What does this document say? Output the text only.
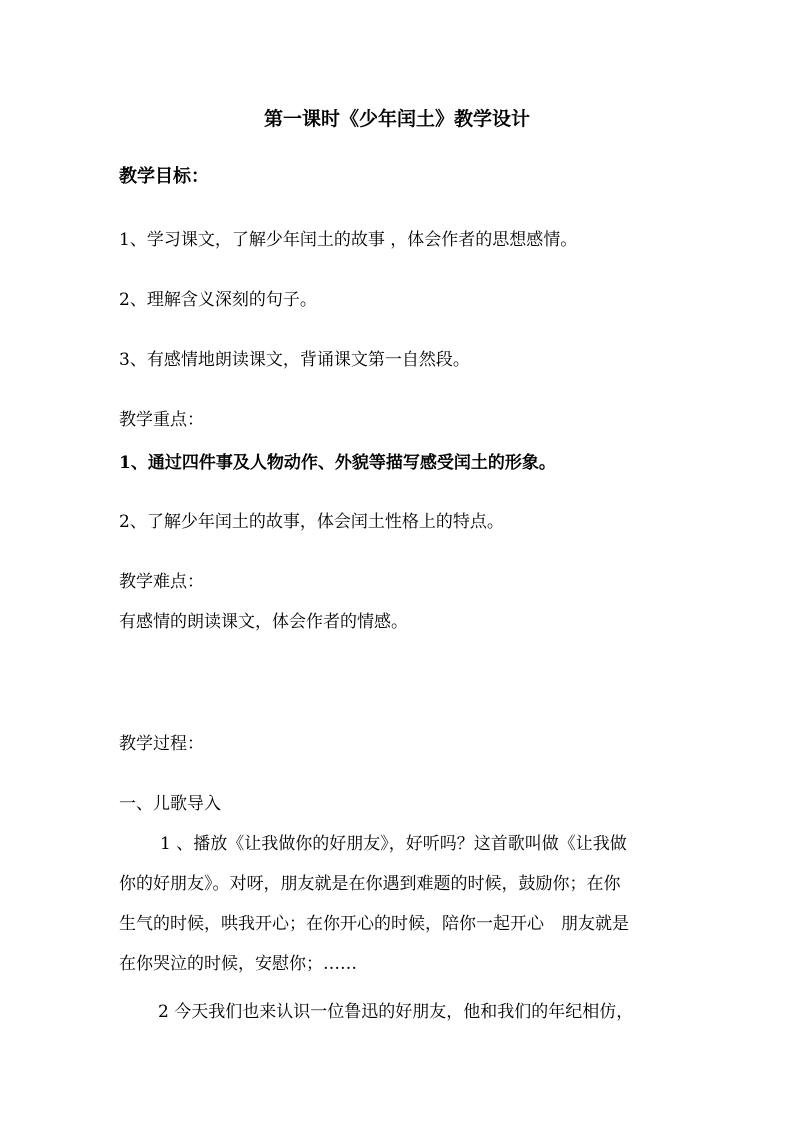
第一课时《少年闰土》教学设计
教学目标：
1、学习课文，了解少年闰土的故事 ，体会作者的思想感情。
2、理解含义深刻的句子。
3、有感情地朗读课文，背诵课文第一自然段。
教学重点：
1、通过四件事及人物动作、外貌等描写感受闰土的形象。
2、了解少年闰土的故事，体会闰土性格上的特点。
教学难点：
有感情的朗读课文，体会作者的情感。
教学过程：
一、儿歌导入
1 、播放《让我做你的好朋友》，好听吗？这首歌叫做《让我做
你的好朋友》。对呀，朋友就是在你遇到难题的时候，鼓励你；在你
生气的时候，哄我开心；在你开心的时候，陪你一起开心　朋友就是
在你哭泣的时候，安慰你；……
2 今天我们也来认识一位鲁迅的好朋友，他和我们的年纪相仿，
